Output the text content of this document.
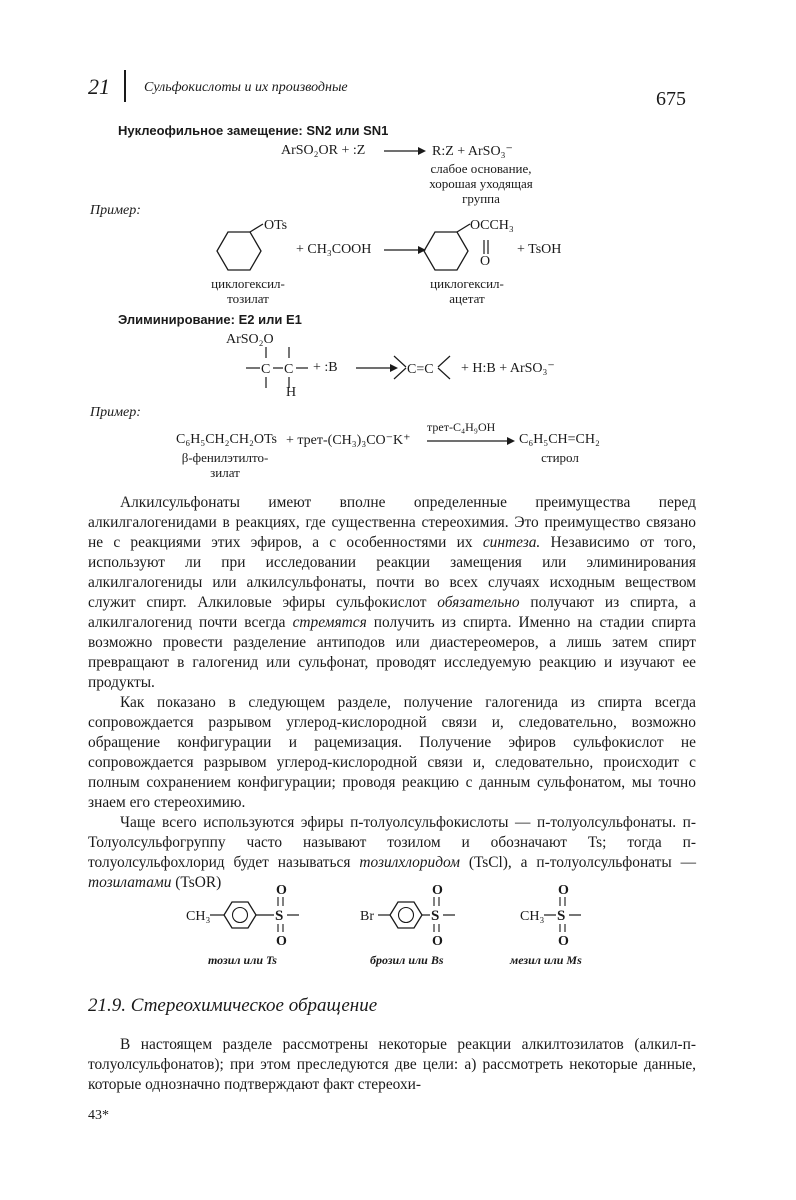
21 Сульфокислоты и их производные
675
Нуклеофильное замещение: SN2 или SN1
ArSO₂OR + :Z → R:Z + ArSO₃⁻
слабое основание,
хорошая уходящая
группа
Пример:
OTs
+ CH₃COOH →
OCCH₃
O
+ TsOH
циклогексил-
тозилат
циклогексил-
ацетат
Элиминирование: E2 или E1
ArSO₂O
C C
H
+ :B → C=C + H:B + ArSO₃⁻
Пример:
C₆H₅CH₂CH₂OTs + трет-(CH₃)₃CO⁻K⁺
трет-C₄H₉OH
C₆H₅CH=CH₂
β-фенилэтилто-
зилат
стирол

Алкилсульфонаты имеют вполне определенные преимущества перед алкилгалогенидами в реакциях, где существенна стереохимия. Это преимущество связано не с реакциями этих эфиров, а с особенностями их синтеза. Независимо от того, используют ли при исследовании реакции замещения или элиминирования алкилгалогениды или алкилсульфонаты, почти во всех случаях исходным веществом служит спирт. Алкиловые эфиры сульфокислот обязательно получают из спирта, а алкилгалогенид почти всегда стремятся получить из спирта. Именно на стадии спирта возможно провести разделение антиподов или диастереомеров, а лишь затем спирт превращают в галогенид или сульфонат, проводят исследуемую реакцию и изучают ее продукты.

Как показано в следующем разделе, получение галогенида из спирта всегда сопровождается разрывом углерод-кислородной связи и, следовательно, возможно обращение конфигурации и рацемизация. Получение эфиров сульфокислот не сопровождается разрывом углерод-кислородной связи и, следовательно, происходит с полным сохранением конфигурации; проводя реакцию с данным сульфонатом, мы точно знаем его стереохимию.

Чаще всего используются эфиры п-толуолсульфокислоты — п-толуолсульфонаты. п-Толуолсульфогруппу часто называют тозилом и обозначают Ts; тогда п-толуолсульфохлорид будет называться тозилхлоридом (TsCl), а п-толуолсульфонаты — тозилатами (TsOR)

CH₃	S
O
O
тозил или Ts
Br	S
O
O
брозил или Bs
CH₃ S
O
O
мезил или Ms
21.9. Стереохимическое обращение

В настоящем разделе рассмотрены некоторые реакции алкилтозилатов (алкил-п-толуолсульфонатов); при этом преследуются две цели: а) рассмотреть некоторые данные, которые однозначно подтверждают факт стереохи-

43*
